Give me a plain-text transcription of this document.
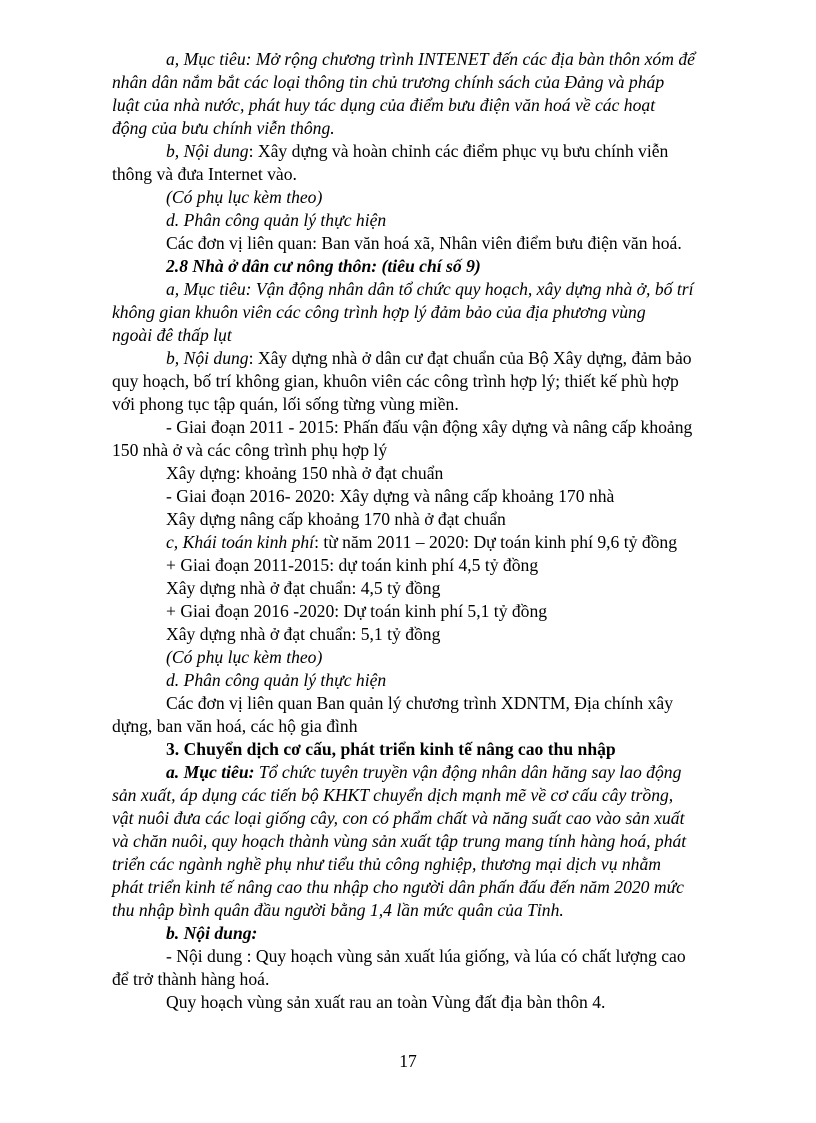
a, Mục tiêu: Mở rộng chương trình INTENET đến các địa bàn thôn xóm để
nhân dân nắm bắt các loại thông tin chủ trương chính sách của Đảng và pháp
luật của nhà nước, phát huy tác dụng của điểm bưu điện văn hoá về các hoạt
động của bưu chính viễn thông.
b, Nội dung: Xây dựng và hoàn chỉnh các điểm phục vụ bưu chính viễn
thông và đưa Internet vào.
(Có phụ lục kèm theo)
d. Phân công quản lý thực hiện
Các đơn vị liên quan: Ban văn hoá xã, Nhân viên điểm bưu điện văn hoá.
2.8 Nhà ở dân cư nông thôn: (tiêu chí số 9)
a, Mục tiêu: Vận động nhân dân tổ chức quy hoạch, xây dựng nhà ở, bố trí
không gian khuôn viên các công trình hợp lý đảm bảo của địa phương vùng
ngoài đê thấp lụt
b, Nội dung: Xây dựng nhà ở dân cư đạt chuẩn của Bộ Xây dựng, đảm bảo
quy hoạch, bố trí không gian, khuôn viên các công trình hợp lý; thiết kế phù hợp
với phong tục tập quán, lối sống từng vùng miền.
- Giai đoạn 2011 - 2015: Phấn đấu vận động xây dựng và nâng cấp khoảng
150 nhà ở và các công trình phụ hợp lý
Xây dựng: khoảng 150 nhà ở đạt chuẩn
- Giai đoạn 2016- 2020: Xây dựng và nâng cấp khoảng 170 nhà
Xây dựng nâng cấp khoảng 170 nhà ở đạt chuẩn
c, Khái toán kinh phí: từ năm 2011 – 2020: Dự toán kinh phí 9,6 tỷ đồng
+ Giai đoạn 2011-2015: dự toán kinh phí 4,5 tỷ đồng
Xây dựng nhà ở đạt chuẩn: 4,5 tỷ đồng
+ Giai đoạn 2016 -2020: Dự toán kinh phí 5,1 tỷ đồng
Xây dựng nhà ở đạt chuẩn: 5,1 tỷ đồng
(Có phụ lục kèm theo)
d. Phân công quản lý thực hiện
Các đơn vị liên quan Ban quản lý chương trình XDNTM, Địa chính xây
dựng, ban văn hoá, các hộ gia đình
3. Chuyển dịch cơ cấu, phát triển kinh tế nâng cao thu nhập
a. Mục tiêu: Tổ chức tuyên truyền vận động nhân dân hăng say lao động
sản xuất, áp dụng các tiến bộ KHKT chuyển dịch mạnh mẽ về cơ cấu cây trồng,
vật nuôi đưa các loại giống cây, con có phẩm chất và năng suất cao vào sản xuất
và chăn nuôi, quy hoạch thành vùng sản xuất tập trung mang tính hàng hoá, phát
triển các ngành nghề phụ như tiểu thủ công nghiệp, thương mại dịch vụ nhằm
phát triển kinh tế nâng cao thu nhập cho người dân phấn đấu đến năm 2020 mức
thu nhập bình quân đầu người bằng 1,4 lần mức quân của Tỉnh.
b. Nội dung:
- Nội dung : Quy hoạch vùng sản xuất lúa giống, và lúa có chất lượng cao
để trở thành hàng hoá.
Quy hoạch vùng sản xuất rau an toàn Vùng đất địa bàn thôn 4.
17
